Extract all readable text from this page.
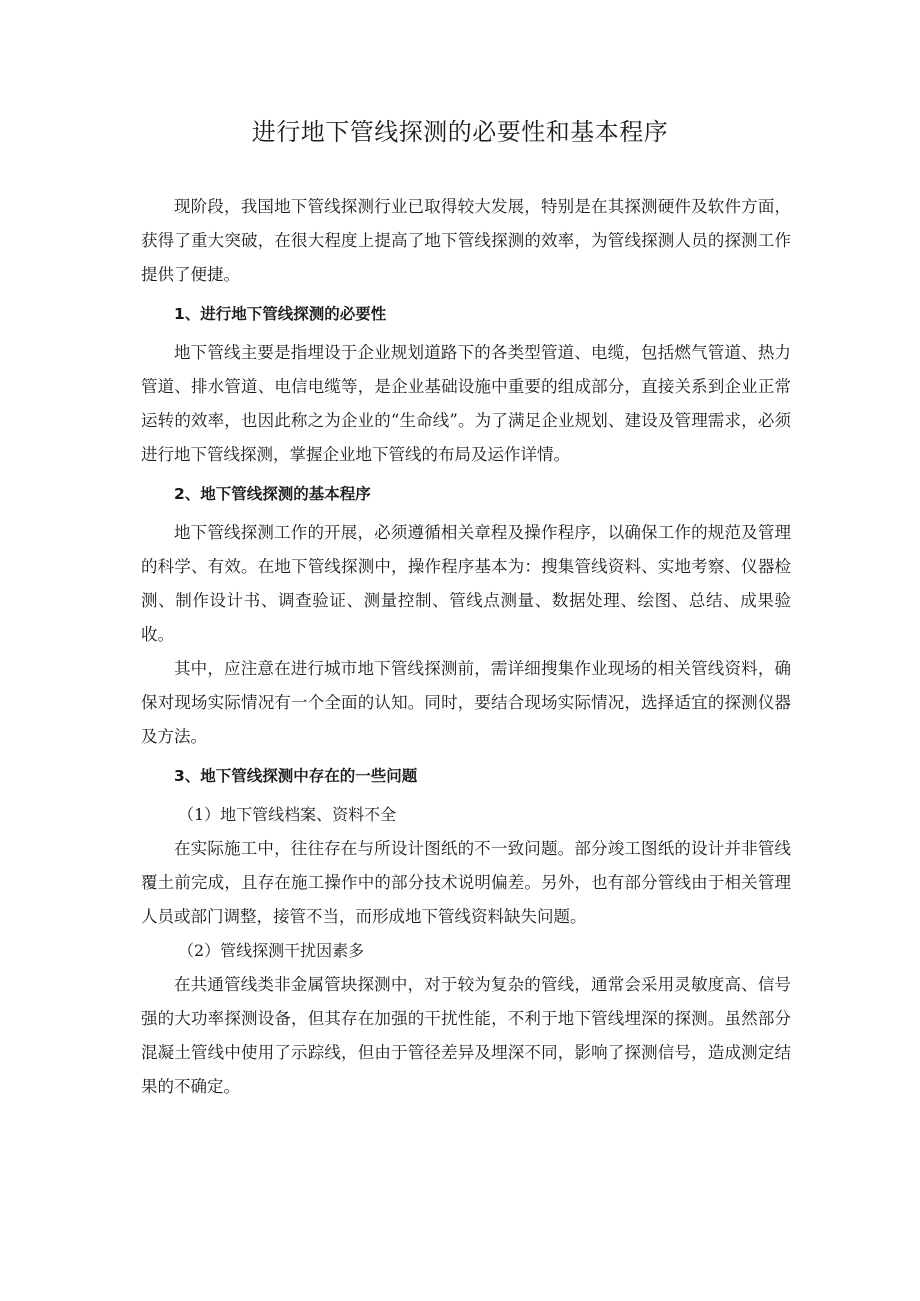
进行地下管线探测的必要性和基本程序

现阶段，我国地下管线探测行业已取得较大发展，特别是在其探测硬件及软件方面，获得了重大突破，在很大程度上提高了地下管线探测的效率，为管线探测人员的探测工作提供了便捷。

1、进行地下管线探测的必要性

地下管线主要是指埋设于企业规划道路下的各类型管道、电缆，包括燃气管道、热力管道、排水管道、电信电缆等，是企业基础设施中重要的组成部分，直接关系到企业正常运转的效率，也因此称之为企业的“生命线”。为了满足企业规划、建设及管理需求，必须进行地下管线探测，掌握企业地下管线的布局及运作详情。

2、地下管线探测的基本程序

地下管线探测工作的开展，必须遵循相关章程及操作程序，以确保工作的规范及管理的科学、有效。在地下管线探测中，操作程序基本为：搜集管线资料、实地考察、仪器检测、制作设计书、调查验证、测量控制、管线点测量、数据处理、绘图、总结、成果验收。

其中，应注意在进行城市地下管线探测前，需详细搜集作业现场的相关管线资料，确保对现场实际情况有一个全面的认知。同时，要结合现场实际情况，选择适宜的探测仪器及方法。

3、地下管线探测中存在的一些问题

（1）地下管线档案、资料不全

在实际施工中，往往存在与所设计图纸的不一致问题。部分竣工图纸的设计并非管线覆土前完成，且存在施工操作中的部分技术说明偏差。另外，也有部分管线由于相关管理人员或部门调整，接管不当，而形成地下管线资料缺失问题。

（2）管线探测干扰因素多

在共通管线类非金属管块探测中，对于较为复杂的管线，通常会采用灵敏度高、信号强的大功率探测设备，但其存在加强的干扰性能，不利于地下管线埋深的探测。虽然部分混凝土管线中使用了示踪线，但由于管径差异及埋深不同，影响了探测信号，造成测定结果的不确定。
